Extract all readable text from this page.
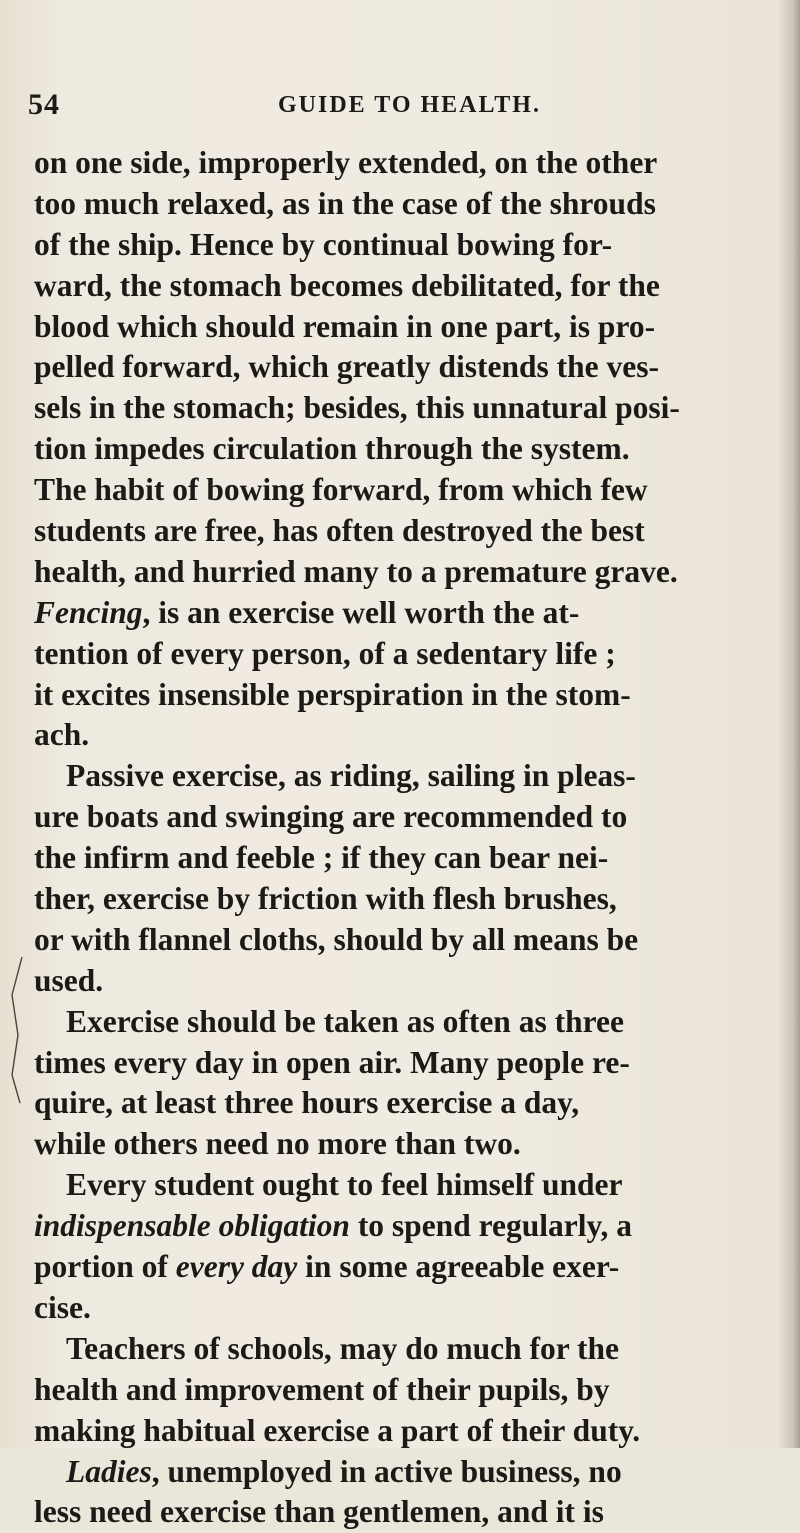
54	GUIDE TO HEALTH.
on one side, improperly extended, on the other
too much relaxed, as in the case of the shrouds
of the ship. Hence by continual bowing for-
ward, the stomach becomes debilitated, for the
blood which should remain in one part, is pro-
pelled forward, which greatly distends the ves-
sels in the stomach; besides, this unnatural posi-
tion impedes circulation through the system.
The habit of bowing forward, from which few
students are free, has often destroyed the best
health, and hurried many to a premature grave.
Fencing, is an exercise well worth the at-
tention of every person, of a sedentary life ;
it excites insensible perspiration in the stom-
ach.
Passive exercise, as riding, sailing in pleas-
ure boats and swinging are recommended to
the infirm and feeble ; if they can bear nei-
ther, exercise by friction with flesh brushes,
or with flannel cloths, should by all means be
used.
Exercise should be taken as often as three
times every day in open air. Many people re-
quire, at least three hours exercise a day,
while others need no more than two.
Every student ought to feel himself under
indispensable obligation to spend regularly, a
portion of every day in some agreeable exer-
cise.
Teachers of schools, may do much for the
health and improvement of their pupils, by
making habitual exercise a part of their duty.
Ladies, unemployed in active business, no
less need exercise than gentlemen, and it is
